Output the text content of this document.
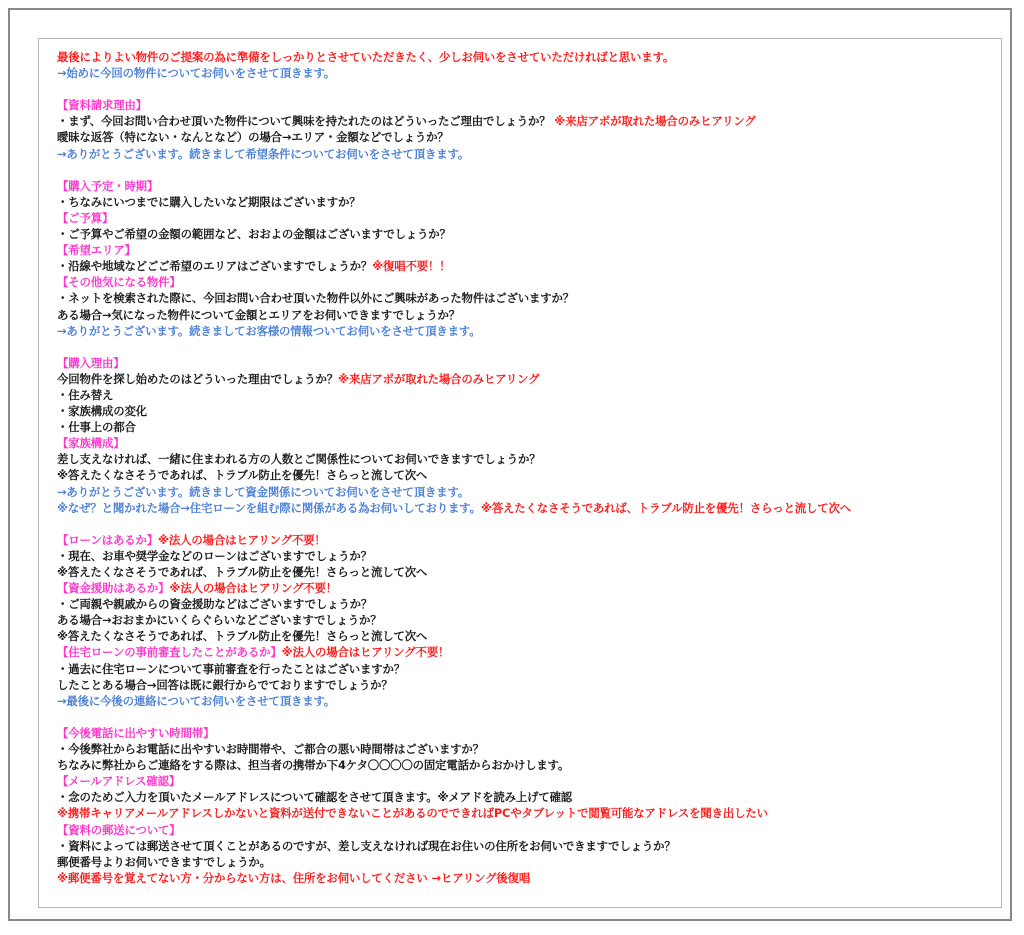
最後によりよい物件のご提案の為に準備をしっかりとさせていただきたく、少しお伺いをさせていただければと思います。
→始めに今回の物件についてお伺いをさせて頂きます。
【資料請求理由】
・まず、今回お問い合わせ頂いた物件について興味を持たれたのはどういったご理由でしょうか？ ※来店アポが取れた場合のみヒアリング
曖昧な返答（特にない・なんとなど）の場合→エリア・金額などでしょうか？
→ありがとうございます。続きまして希望条件についてお伺いをさせて頂きます。
【購入予定・時期】
・ちなみにいつまでに購入したいなど期限はございますか？
【ご予算】
・ご予算やご希望の金額の範囲など、おおよの金額はございますでしょうか？
【希望エリア】
・沿線や地域などごご希望のエリアはございますでしょうか？※復唱不要！！
【その他気になる物件】
・ネットを検索された際に、今回お問い合わせ頂いた物件以外にご興味があった物件はございますか？
ある場合→気になった物件について金額とエリアをお伺いできますでしょうか？
→ありがとうございます。続きましてお客様の情報ついてお伺いをさせて頂きます。
【購入理由】
今回物件を探し始めたのはどういった理由でしょうか？※来店アポが取れた場合のみヒアリング
・住み替え
・家族構成の変化
・仕事上の都合
【家族構成】
差し支えなければ、一緒に住まわれる方の人数とご関係性についてお伺いできますでしょうか？
※答えたくなさそうであれば、トラブル防止を優先！さらっと流して次へ
→ありがとうございます。続きまして資金関係についてお伺いをさせて頂きます。
※なぜ？と聞かれた場合→住宅ローンを組む際に関係がある為お伺いしております。※答えたくなさそうであれば、トラブル防止を優先！さらっと流して次へ
【ローンはあるか】※法人の場合はヒアリング不要！
・現在、お車や奨学金などのローンはございますでしょうか？
※答えたくなさそうであれば、トラブル防止を優先！さらっと流して次へ
【資金援助はあるか】※法人の場合はヒアリング不要！
・ご両親や親戚からの資金援助などはございますでしょうか？
ある場合→おおまかにいくらぐらいなどございますでしょうか？
※答えたくなさそうであれば、トラブル防止を優先！さらっと流して次へ
【住宅ローンの事前審査したことがあるか】※法人の場合はヒアリング不要！
・過去に住宅ローンについて事前審査を行ったことはございますか？
したことある場合→回答は既に銀行からでておりますでしょうか？
→最後に今後の連絡についてお伺いをさせて頂きます。
【今後電話に出やすい時間帯】
・今後弊社からお電話に出やすいお時間帯や、ご都合の悪い時間帯はございますか？
ちなみに弊社からご連絡をする際は、担当者の携帯か下4ケタ〇〇〇〇の固定電話からおかけします。
【メールアドレス確認】
・念のためご入力を頂いたメールアドレスについて確認をさせて頂きます。※メアドを読み上げて確認
※携帯キャリアメールアドレスしかないと資料が送付できないことがあるのでできればPCやタブレットで閲覧可能なアドレスを聞き出したい
【資料の郵送について】
・資料によっては郵送させて頂くことがあるのですが、差し支えなければ現在お住いの住所をお伺いできますでしょうか？
郵便番号よりお伺いできますでしょうか。
※郵便番号を覚えてない方・分からない方は、住所をお伺いしてください →ヒアリング後復唱
